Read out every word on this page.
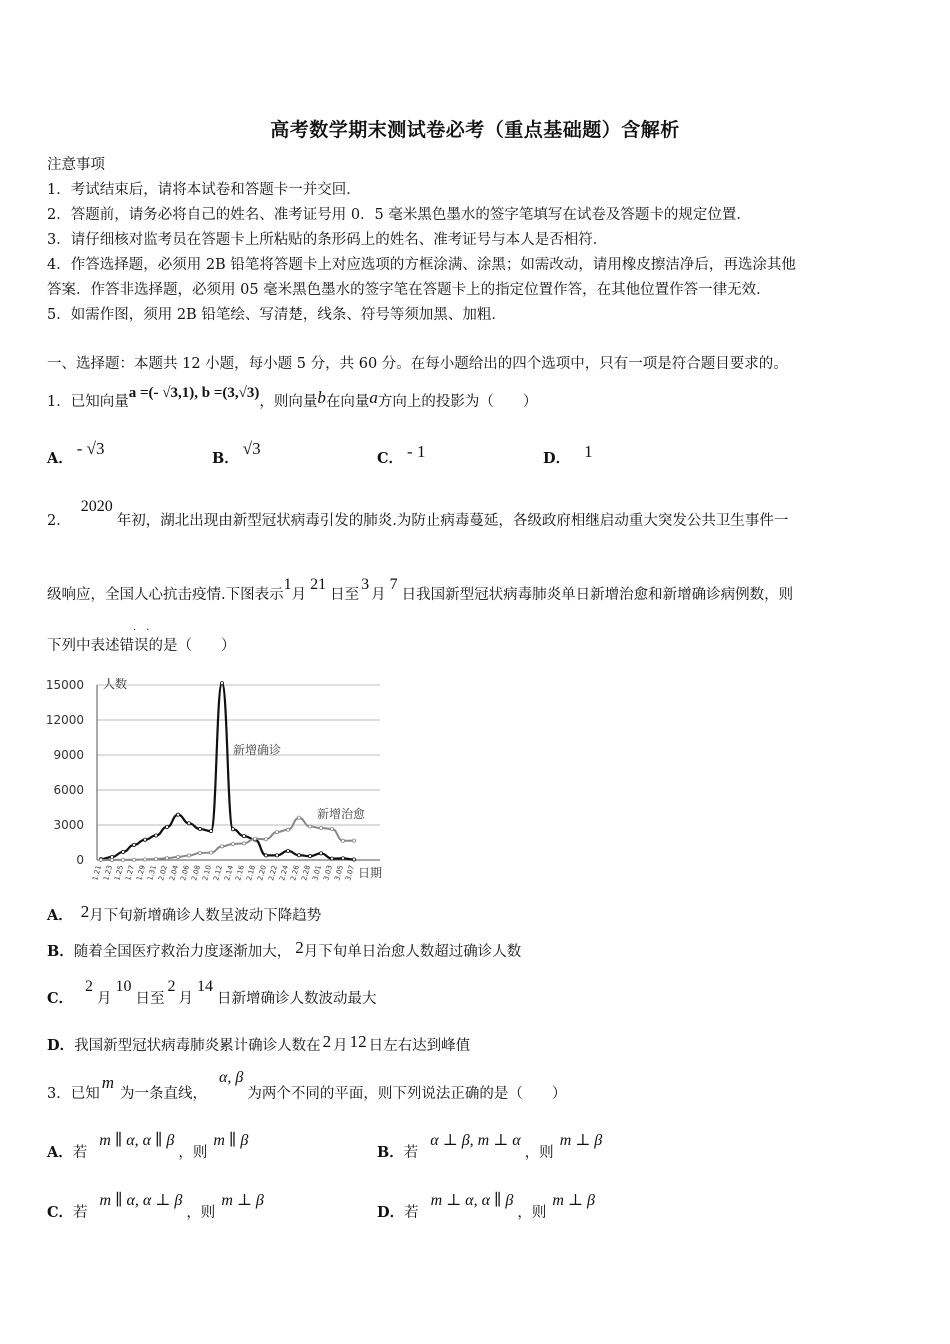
高考数学期末测试卷必考（重点基础题）含解析
注意事项
1．考试结束后，请将本试卷和答题卡一并交回．
2．答题前，请务必将自己的姓名、准考证号用 0．5 毫米黑色墨水的签字笔填写在试卷及答题卡的规定位置．
3．请仔细核对监考员在答题卡上所粘贴的条形码上的姓名、准考证号与本人是否相符．
4．作答选择题，必须用 2B 铅笔将答题卡上对应选项的方框涂满、涂黑；如需改动，请用橡皮擦洁净后，再选涂其他
答案．作答非选择题，必须用 05 毫米黑色墨水的签字笔在答题卡上的指定位置作答，在其他位置作答一律无效．
5．如需作图，须用 2B 铅笔绘、写清楚，线条、符号等须加黑、加粗．
一、选择题：本题共 12 小题，每小题 5 分，共 60 分。在每小题给出的四个选项中，只有一项是符合题目要求的。
1．已知向量a =(- √3,1), b =(3,√3)，则向量b在向量a方向上的投影为（　　）
A．- √3
B．√3
C． - 1	D． 1
2．2020年初，湖北出现由新型冠状病毒引发的肺炎.为防止病毒蔓延，各级政府相继启动重大突发公共卫生事件一
级响应，全国人心抗击疫情.下图表示1月21日至3月7日我国新型冠状病毒肺炎单日新增治愈和新增确诊病例数，则
下列中表述错误的是（　　）
··
15000
12000
9000
6000
3000
0
1.21 1.23 1.25 1.27 1.29 1.31 2.02 2.04 2.06 2.08 2.10 2.12 2.14 2.16 2.18 2.20 2.22 2.24 2.26 2.28 3.01 3.03 3.05 3.07
人数
日期
新增确诊
新增治愈
A． 2月下旬新增确诊人数呈波动下降趋势
B．随着全国医疗救治力度逐渐加大， 2月下旬单日治愈人数超过确诊人数
C．2月10日至2月14日新增确诊人数波动最大
D．我国新型冠状病毒肺炎累计确诊人数在 2 月 12 日左右达到峰值
3．已知m为一条直线，α, β为两个不同的平面，则下列说法正确的是（　　）
A．若m ∥ α, α ∥ β，则m ∥ β
B．若α ⊥ β, m ⊥ α，则m ⊥ β
C．若m ∥ α, α ⊥ β，则m ⊥ β
D．若m ⊥ α, α ∥ β，则m ⊥ β
